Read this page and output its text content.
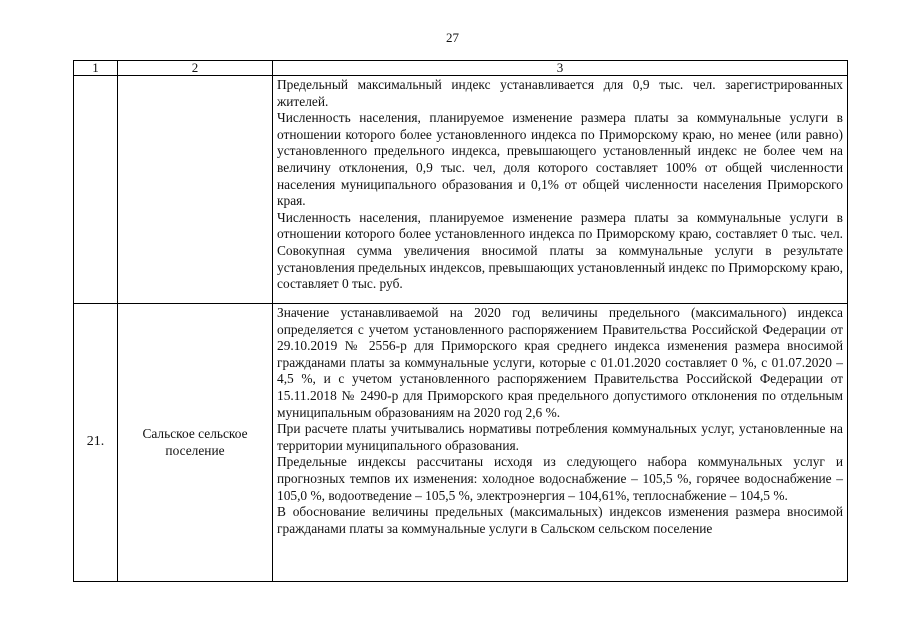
27
1	2	3

		Предельный максимальный индекс устанавливается для 0,9 тыс. чел. зарегистрированных жителей.

Численность населения, планируемое изменение размера платы за коммунальные услуги в отношении которого более установленного индекса по Приморскому краю, но менее (или равно) установленного предельного индекса, превышающего установленный индекс не более чем на величину отклонения, 0,9 тыс. чел, доля которого составляет 100% от общей численности населения муниципального образования и 0,1% от общей численности населения Приморского края.

Численность населения, планируемое изменение размера платы за коммунальные услуги в отношении которого более установленного индекса по Приморскому краю, составляет 0 тыс. чел. Совокупная сумма увеличения вносимой платы за коммунальные услуги в результате установления предельных индексов, превышающих установленный индекс по Приморскому краю, составляет 0 тыс. руб.

21.	Сальское сельское поселение	Значение устанавливаемой на 2020 год величины предельного (максимального) индекса определяется с учетом установленного распоряжением Правительства Российской Федерации от 29.10.2019 № 2556-р для Приморского края среднего индекса изменения размера вносимой гражданами платы за коммунальные услуги, которые с 01.01.2020 составляет 0 %, с 01.07.2020 – 4,5 %, и с учетом установленного распоряжением Правительства Российской Федерации от 15.11.2018 № 2490-р для Приморского края предельного допустимого отклонения по отдельным муниципальным образованиям на 2020 год 2,6 %.

При расчете платы учитывались нормативы потребления коммунальных услуг, установленные на территории муниципального образования.

Предельные индексы рассчитаны исходя из следующего набора коммунальных услуг и прогнозных темпов их изменения: холодное водоснабжение – 105,5 %, горячее водоснабжение – 105,0 %, водоотведение – 105,5 %, электроэнергия – 104,61%, теплоснабжение – 104,5 %.

В обоснование величины предельных (максимальных) индексов изменения размера вносимой гражданами платы за коммунальные услуги в Сальском сельском поселение
